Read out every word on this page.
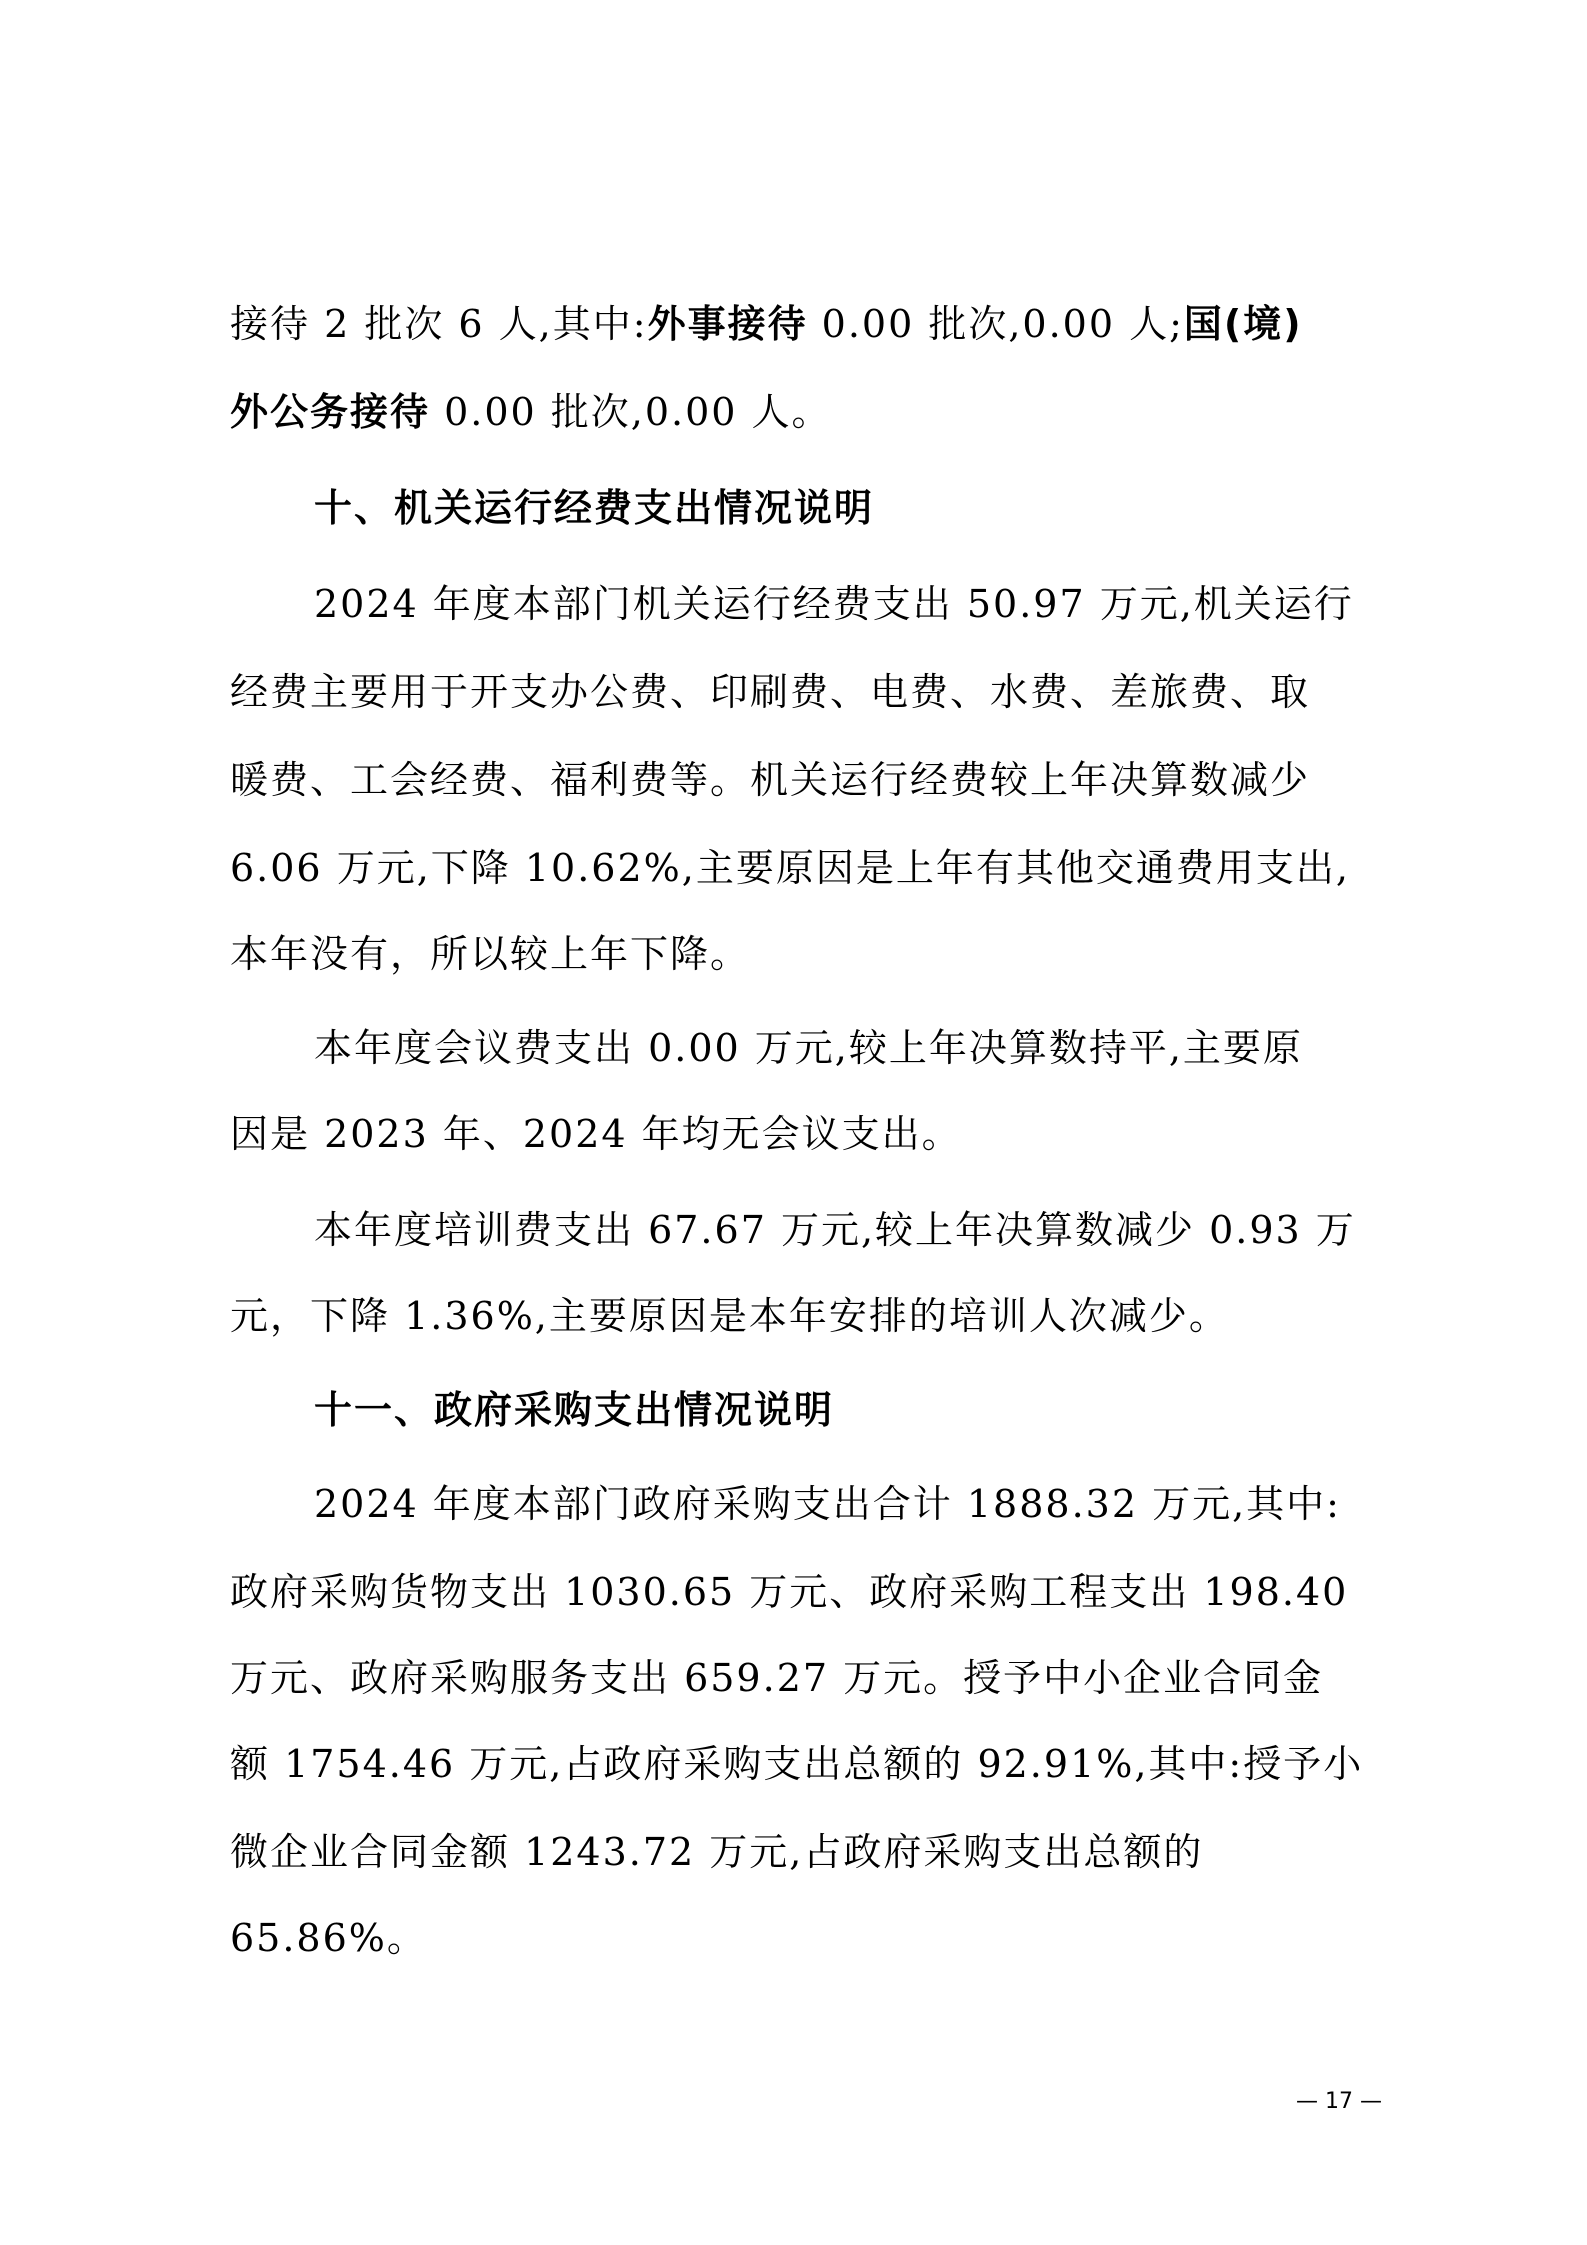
接待 2 批次 6 人,其中:外事接待 0.00 批次,0.00 人;国(境)
外公务接待 0.00 批次,0.00 人。
十、机关运行经费支出情况说明
2024 年度本部门机关运行经费支出 50.97 万元,机关运行
经费主要用于开支办公费、印刷费、电费、水费、差旅费、取
暖费、工会经费、福利费等。机关运行经费较上年决算数减少
6.06 万元,下降 10.62%,主要原因是上年有其他交通费用支出,
本年没有，所以较上年下降。
本年度会议费支出 0.00 万元,较上年决算数持平,主要原
因是 2023 年、2024 年均无会议支出。
本年度培训费支出 67.67 万元,较上年决算数减少 0.93 万
元，下降 1.36%,主要原因是本年安排的培训人次减少。
十一、政府采购支出情况说明
2024 年度本部门政府采购支出合计 1888.32 万元,其中:
政府采购货物支出 1030.65 万元、政府采购工程支出 198.40
万元、政府采购服务支出 659.27 万元。授予中小企业合同金
额 1754.46 万元,占政府采购支出总额的 92.91%,其中:授予小
微企业合同金额 1243.72 万元,占政府采购支出总额的
65.86%。
— 17 —
